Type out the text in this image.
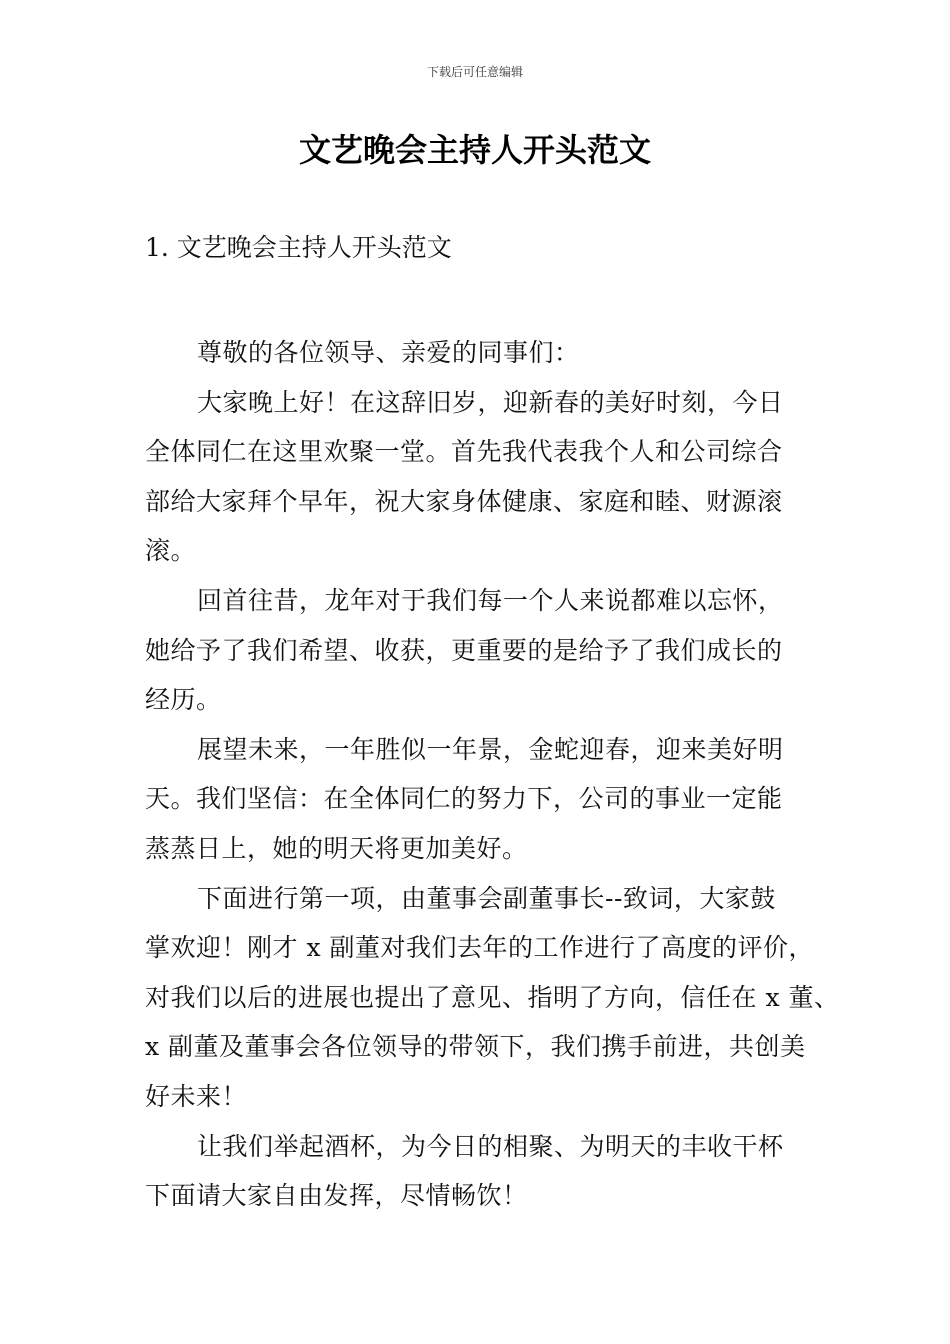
下载后可任意编辑
文艺晚会主持人开头范文
1. 文艺晚会主持人开头范文

尊敬的各位领导、亲爱的同事们：

大家晚上好！在这辞旧岁，迎新春的美好时刻，今日
全体同仁在这里欢聚一堂。首先我代表我个人和公司综合
部给大家拜个早年，祝大家身体健康、家庭和睦、财源滚
滚。

回首往昔，龙年对于我们每一个人来说都难以忘怀，
她给予了我们希望、收获，更重要的是给予了我们成长的
经历。

展望未来，一年胜似一年景，金蛇迎春，迎来美好明
天。我们坚信：在全体同仁的努力下，公司的事业一定能
蒸蒸日上，她的明天将更加美好。

下面进行第一项，由董事会副董事长--致词，大家鼓
掌欢迎！刚才 x 副董对我们去年的工作进行了高度的评价，
对我们以后的进展也提出了意见、指明了方向，信任在 x 董、
x 副董及董事会各位领导的带领下，我们携手前进，共创美
好未来！

让我们举起酒杯，为今日的相聚、为明天的丰收干杯
下面请大家自由发挥，尽情畅饮！
